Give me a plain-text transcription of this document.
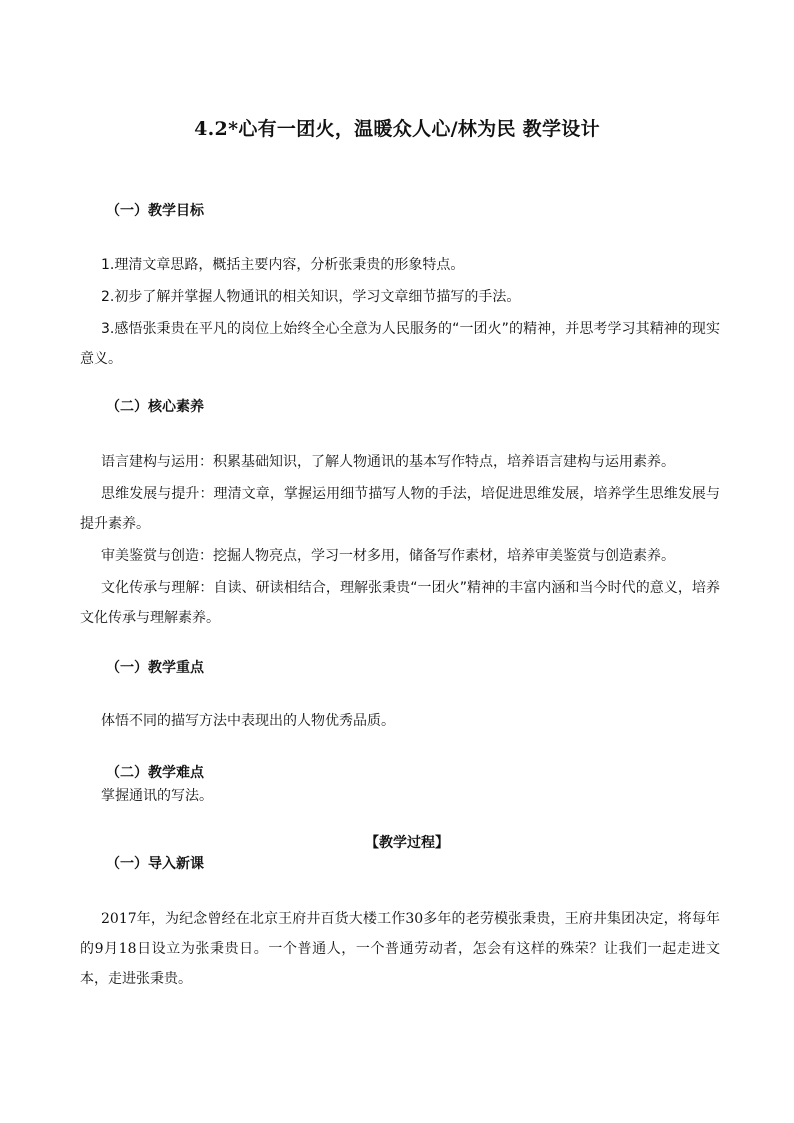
4.2*心有一团火，温暖众人心/林为民 教学设计
（一）教学目标
1.理清文章思路，概括主要内容，分析张秉贵的形象特点。
2.初步了解并掌握人物通讯的相关知识，学习文章细节描写的手法。
3.感悟张秉贵在平凡的岗位上始终全心全意为人民服务的“一团火”的精神，并思考学习其精神的现实意义。
（二）核心素养
语言建构与运用：积累基础知识，了解人物通讯的基本写作特点，培养语言建构与运用素养。
思维发展与提升：理清文章，掌握运用细节描写人物的手法，培促进思维发展，培养学生思维发展与提升素养。
审美鉴赏与创造：挖掘人物亮点，学习一材多用，储备写作素材，培养审美鉴赏与创造素养。
文化传承与理解：自读、研读相结合，理解张秉贵“一团火”精神的丰富内涵和当今时代的意义，培养文化传承与理解素养。
（一）教学重点
体悟不同的描写方法中表现出的人物优秀品质。
（二）教学难点
掌握通讯的写法。
【教学过程】
（一）导入新课
2017年，为纪念曾经在北京王府井百货大楼工作30多年的老劳模张秉贵，王府井集团决定，将每年的9月18日设立为张秉贵日。一个普通人，一个普通劳动者，怎会有这样的殊荣？让我们一起走进文本，走进张秉贵。
